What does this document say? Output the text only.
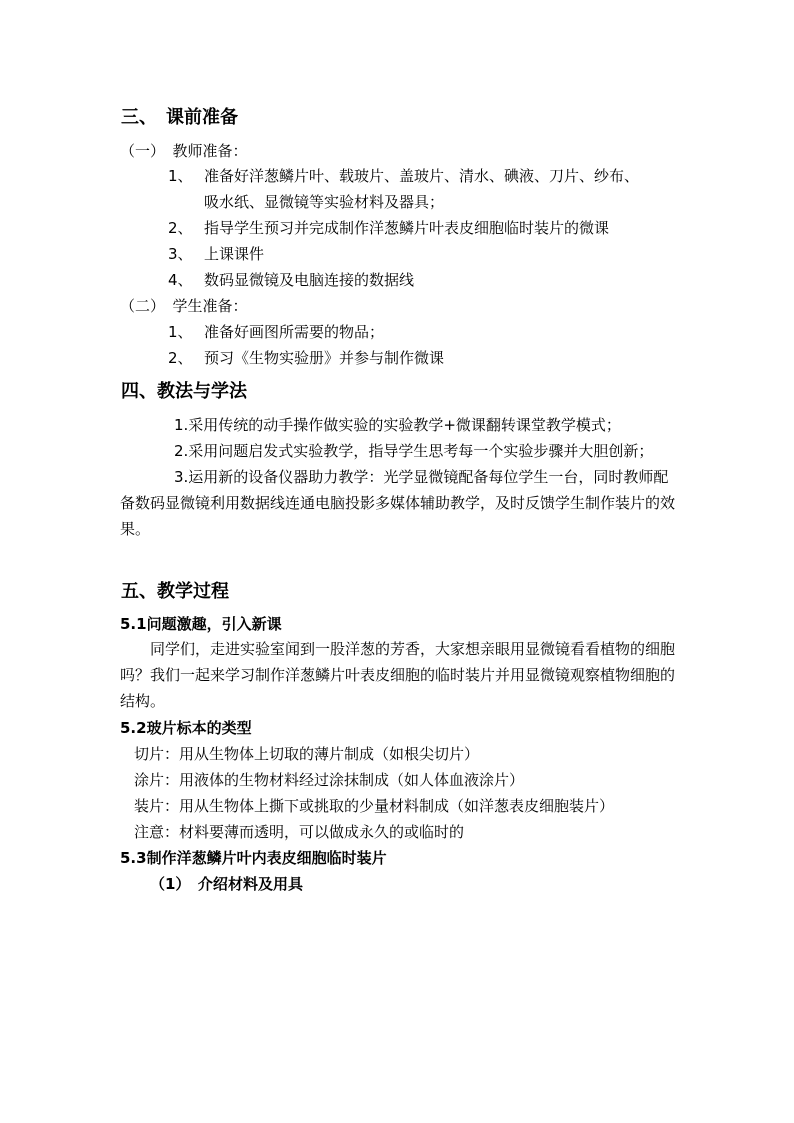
三、　课前准备
（一）　教师准备：
1、 准备好洋葱鳞片叶、载玻片、盖玻片、清水、碘液、刀片、纱布、
吸水纸、显微镜等实验材料及器具；
2、 指导学生预习并完成制作洋葱鳞片叶表皮细胞临时装片的微课
3、 上课课件
4、 数码显微镜及电脑连接的数据线
（二）　学生准备：
1、 准备好画图所需要的物品；
2、 预习《生物实验册》并参与制作微课
四、教法与学法
1.采用传统的动手操作做实验的实验教学+微课翻转课堂教学模式；
2.采用问题启发式实验教学，指导学生思考每一个实验步骤并大胆创新；
3.运用新的设备仪器助力教学：光学显微镜配备每位学生一台，同时教师配备数码显微镜利用数据线连通电脑投影多媒体辅助教学，及时反馈学生制作装片的效果。
五、教学过程
5.1问题激趣，引入新课
同学们，走进实验室闻到一股洋葱的芳香，大家想亲眼用显微镜看看植物的细胞吗？我们一起来学习制作洋葱鳞片叶表皮细胞的临时装片并用显微镜观察植物细胞的结构。
5.2玻片标本的类型
切片：用从生物体上切取的薄片制成（如根尖切片）
涂片：用液体的生物材料经过涂抹制成（如人体血液涂片）
装片：用从生物体上撕下或挑取的少量材料制成（如洋葱表皮细胞装片）
注意：材料要薄而透明，可以做成永久的或临时的
5.3制作洋葱鳞片叶内表皮细胞临时装片
（1）　介绍材料及用具
